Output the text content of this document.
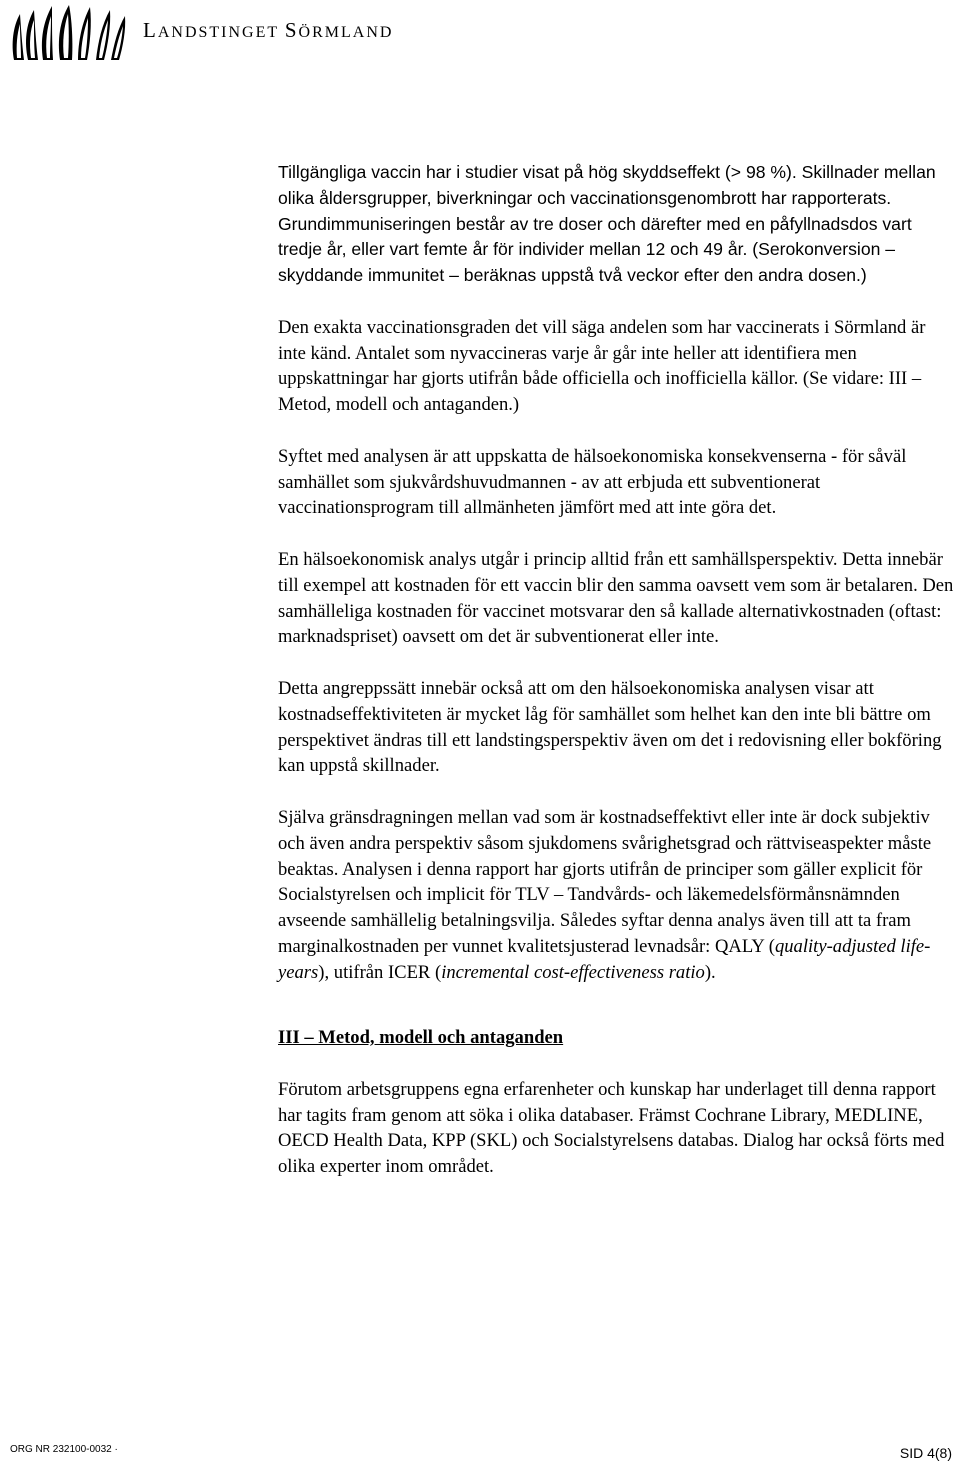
LANDSTINGET SÖRMLAND

Tillgängliga vaccin har i studier visat på hög skyddseffekt (> 98 %). Skillnader mellan olika åldersgrupper, biverkningar och vaccinationsgenombrott har rapporterats. Grundimmuniseringen består av tre doser och därefter med en påfyllnadsdos vart tredje år, eller vart femte år för individer mellan 12 och 49 år. (Serokonversion – skyddande immunitet – beräknas uppstå två veckor efter den andra dosen.)

Den exakta vaccinationsgraden det vill säga andelen som har vaccinerats i Sörmland är inte känd. Antalet som nyvaccineras varje år går inte heller att identifiera men uppskattningar har gjorts utifrån både officiella och inofficiella källor. (Se vidare: III – Metod, modell och antaganden.)

Syftet med analysen är att uppskatta de hälsoekonomiska konsekvenserna - för såväl samhället som sjukvårdshuvudmannen - av att erbjuda ett subventionerat vaccinationsprogram till allmänheten jämfört med att inte göra det.

En hälsoekonomisk analys utgår i princip alltid från ett samhällsperspektiv. Detta innebär till exempel att kostnaden för ett vaccin blir den samma oavsett vem som är betalaren. Den samhälleliga kostnaden för vaccinet motsvarar den så kallade alternativkostnaden (oftast: marknadspriset) oavsett om det är subventionerat eller inte.

Detta angreppssätt innebär också att om den hälsoekonomiska analysen visar att kostnadseffektiviteten är mycket låg för samhället som helhet kan den inte bli bättre om perspektivet ändras till ett landstingsperspektiv även om det i redovisning eller bokföring kan uppstå skillnader.

Själva gränsdragningen mellan vad som är kostnadseffektivt eller inte är dock subjektiv och även andra perspektiv såsom sjukdomens svårighetsgrad och rättviseaspekter måste beaktas. Analysen i denna rapport har gjorts utifrån de principer som gäller explicit för Socialstyrelsen och implicit för TLV – Tandvårds- och läkemedelsförmånsnämnden avseende samhällelig betalningsvilja. Således syftar denna analys även till att ta fram marginalkostnaden per vunnet kvalitetsjusterad levnadsår: QALY (quality-adjusted life-years), utifrån ICER (incremental cost-effectiveness ratio).

III – Metod, modell och antaganden

Förutom arbetsgruppens egna erfarenheter och kunskap har underlaget till denna rapport har tagits fram genom att söka i olika databaser. Främst Cochrane Library, MEDLINE, OECD Health Data, KPP (SKL) och Socialstyrelsens databas. Dialog har också förts med olika experter inom området.

ORG NR 232100-0032 ·	SID 4(8)
